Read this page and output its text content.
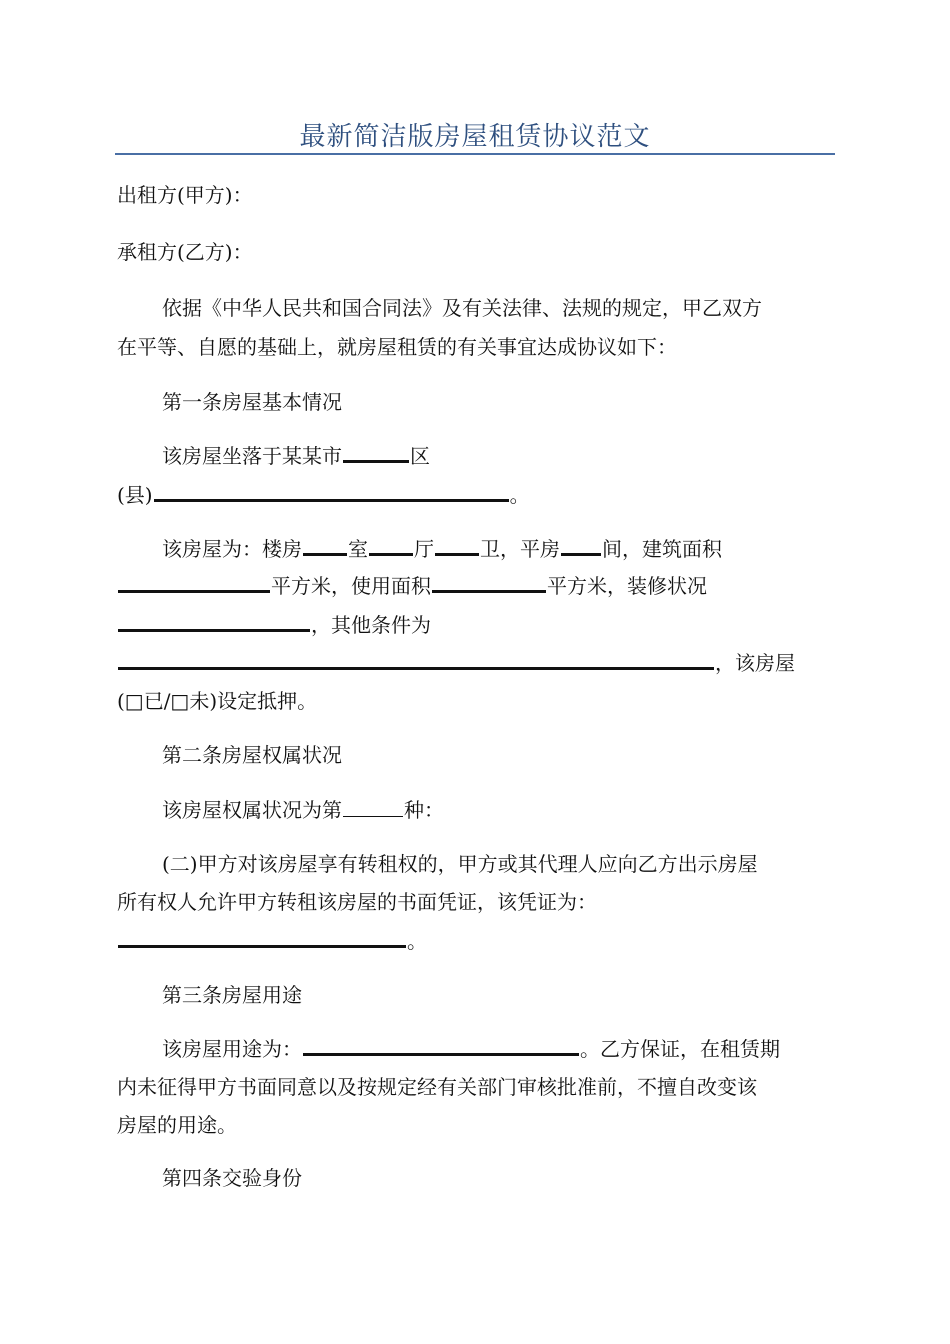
最新简洁版房屋租赁协议范文
出租方(甲方)：
承租方(乙方)：
依据《中华人民共和国合同法》及有关法律、法规的规定，甲乙双方
在平等、自愿的基础上，就房屋租赁的有关事宜达成协议如下：
第一条房屋基本情况
该房屋坐落于某某市	区
(县)	。
该房屋为：楼房 室 厅 卫，平房 间，建筑面积
平方米，使用面积	平方米，装修状况
，其他条件为
，该房屋
(□已/□未)设定抵押。
第二条房屋权属状况
该房屋权属状况为第	种：
(二)甲方对该房屋享有转租权的，甲方或其代理人应向乙方出示房屋
所有权人允许甲方转租该房屋的书面凭证，该凭证为：
。
第三条房屋用途
该房屋用途为：	。乙方保证，在租赁期
内未征得甲方书面同意以及按规定经有关部门审核批准前，不擅自改变该
房屋的用途。
第四条交验身份
